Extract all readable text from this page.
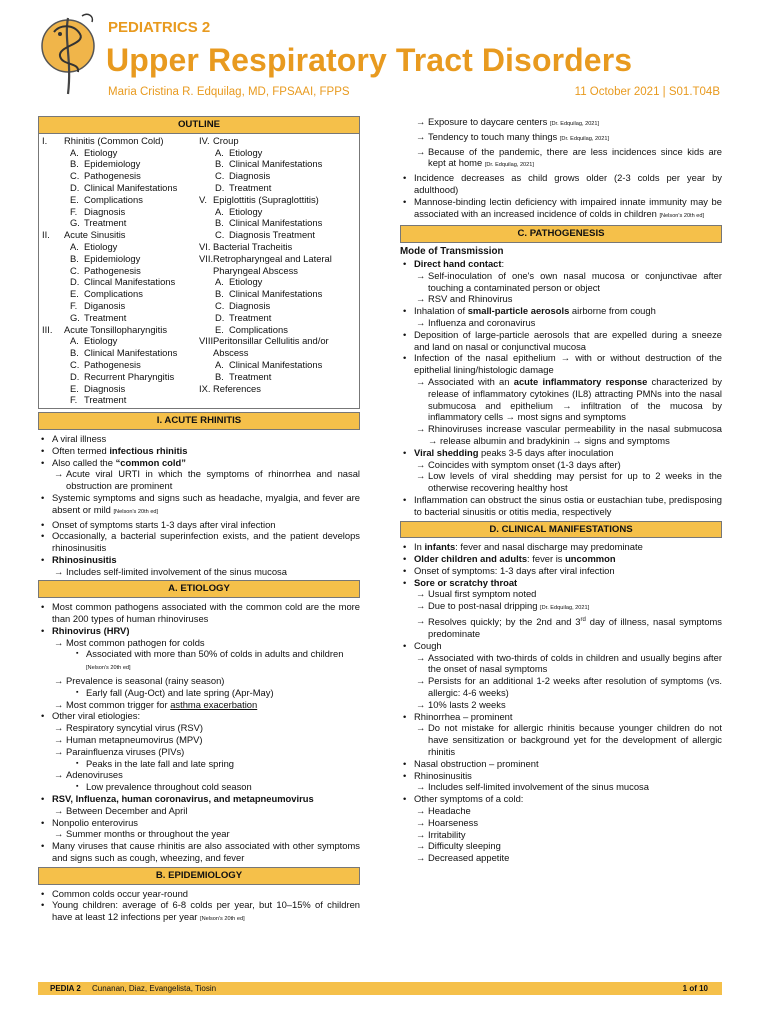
PEDIATRICS 2
Upper Respiratory Tract Disorders
Maria Cristina R. Edquilag, MD, FPSAAI, FPPS	11 October 2021 | S01.T04B
OUTLINE
I.	Rhinitis (Common Cold)
A. Etiology
B. Epidemiology
C. Pathogenesis
D. Clinical Manifestations
E. Complications
F. Diagnosis
G. Treatment
II.	Acute Sinusitis
A. Etiology
B. Epidemiology
C. Pathogenesis
D. Clincal Manifestations
E. Complications
F. Diganosis
G. Treatment
III.	Acute Tonsillopharyngitis
A. Etiology
B. Clinical Manifestations
C. Pathogenesis
D. Recurrent Pharyngitis
E. Diagnosis
F. Treatment
IV. Croup
A. Etiology
B. Clinical Manifestations
C. Diagnosis
D. Treatment
V. Epiglottitis (Supraglottitis)
A. Etiology
B. Clinical Manifestations
C. Diagnosis Treatment
VI. Bacterial Tracheitis
VII. Retropharyngeal and Lateral Pharyngeal Abscess
A. Etiology
B. Clinical Manifestations
C. Diagnosis
D. Treatment
E. Complications
VIII.
Peritonsillar Cellulitis and/or Abscess
A. Clinical Manifestations
B. Treatment
IX. References
I. ACUTE RHINITIS
• A viral illness
• Often termed infectious rhinitis
• Also called the “common cold”
→ Acute viral URTI in which the symptoms of rhinorrhea and nasal obstruction are prominent
• Systemic symptoms and signs such as headache, myalgia, and fever are absent or mild [Nelson's 20th ed]
• Onset of symptoms starts 1-3 days after viral infection
• Occasionally, a bacterial superinfection exists, and the patient develops rhinosinusitis
• Rhinosinusitis
→ Includes self-limited involvement of the sinus mucosa
A. ETIOLOGY
• Most common pathogens associated with the common cold are the more than 200 types of human rhinoviruses
• Rhinovirus (HRV)
→ Most common pathogen for colds
▪ Associated with more than 50% of colds in adults and children [Nelson's 20th ed]
→ Prevalence is seasonal (rainy season)
▪ Early fall (Aug-Oct) and late spring (Apr-May)
→ Most common trigger for asthma exacerbation
• Other viral etiologies:
→ Respiratory syncytial virus (RSV)
→ Human metapneumovirus (MPV)
→ Parainfluenza viruses (PIVs)
▪ Peaks in the late fall and late spring
→ Adenoviruses
▪ Low prevalence throughout cold season
• RSV, Influenza, human coronavirus, and metapneumovirus
→ Between December and April
• Nonpolio enterovirus
→ Summer months or throughout the year
• Many viruses that cause rhinitis are also associated with other symptoms and signs such as cough, wheezing, and fever
B. EPIDEMIOLOGY
• Common colds occur year-round
• Young children: average of 6-8 colds per year, but 10–15% of children have at least 12 infections per year [Nelson's 20th ed]
→ Exposure to daycare centers [Dr. Edquilag, 2021]
→ Tendency to touch many things [Dr. Edquilag, 2021]
→ Because of the pandemic, there are less incidences since kids are kept at home [Dr. Edquilag, 2021]
• Incidence decreases as child grows older (2-3 colds per year by adulthood)
• Mannose-binding lectin deficiency with impaired innate immunity may be associated with an increased incidence of colds in children [Nelson's 20th ed]
C. PATHOGENESIS
Mode of Transmission
• Direct hand contact:
→ Self-inoculation of one's own nasal mucosa or conjunctivae after touching a contaminated person or object
→ RSV and Rhinovirus
• Inhalation of small-particle aerosols airborne from cough
→ Influenza and coronavirus
• Deposition of large-particle aerosols that are expelled during a sneeze and land on nasal or conjunctival mucosa
• Infection of the nasal epithelium → with or without destruction of the epithelial lining/histologic damage
→ Associated with an acute inflammatory response characterized by release of inflammatory cytokines (IL8) attracting PMNs into the nasal submucosa and epithelium → infiltration of the mucosa by inflammatory cells → most signs and symptoms
→ Rhinoviruses increase vascular permeability in the nasal submucosa → release albumin and bradykinin → signs and symptoms
• Viral shedding peaks 3-5 days after inoculation
→ Coincides with symptom onset (1-3 days after)
→ Low levels of viral shedding may persist for up to 2 weeks in the otherwise recovering healthy host
• Inflammation can obstruct the sinus ostia or eustachian tube, predisposing to bacterial sinusitis or otitis media, respectively
D. CLINICAL MANIFESTATIONS
• In infants: fever and nasal discharge may predominate
• Older children and adults: fever is uncommon
• Onset of symptoms: 1-3 days after viral infection
• Sore or scratchy throat
→ Usual first symptom noted
→ Due to post-nasal dripping [Dr. Edquilag, 2021]
→ Resolves quickly; by the 2nd and 3rd day of illness, nasal symptoms predominate
• Cough
→ Associated with two-thirds of colds in children and usually begins after the onset of nasal symptoms
→ Persists for an additional 1-2 weeks after resolution of symptoms (vs. allergic: 4-6 weeks)
→ 10% lasts 2 weeks
• Rhinorrhea – prominent
→ Do not mistake for allergic rhinitis because younger children do not have sensitization or background yet for the development of allergic rhinitis
• Nasal obstruction – prominent
• Rhinosinusitis
→ Includes self-limited involvement of the sinus mucosa
• Other symptoms of a cold:
→ Headache
→ Hoarseness
→ Irritability
→ Difficulty sleeping
→ Decreased appetite
PEDIA 2	Cunanan, Diaz, Evangelista, Tiosin	1 of 10
